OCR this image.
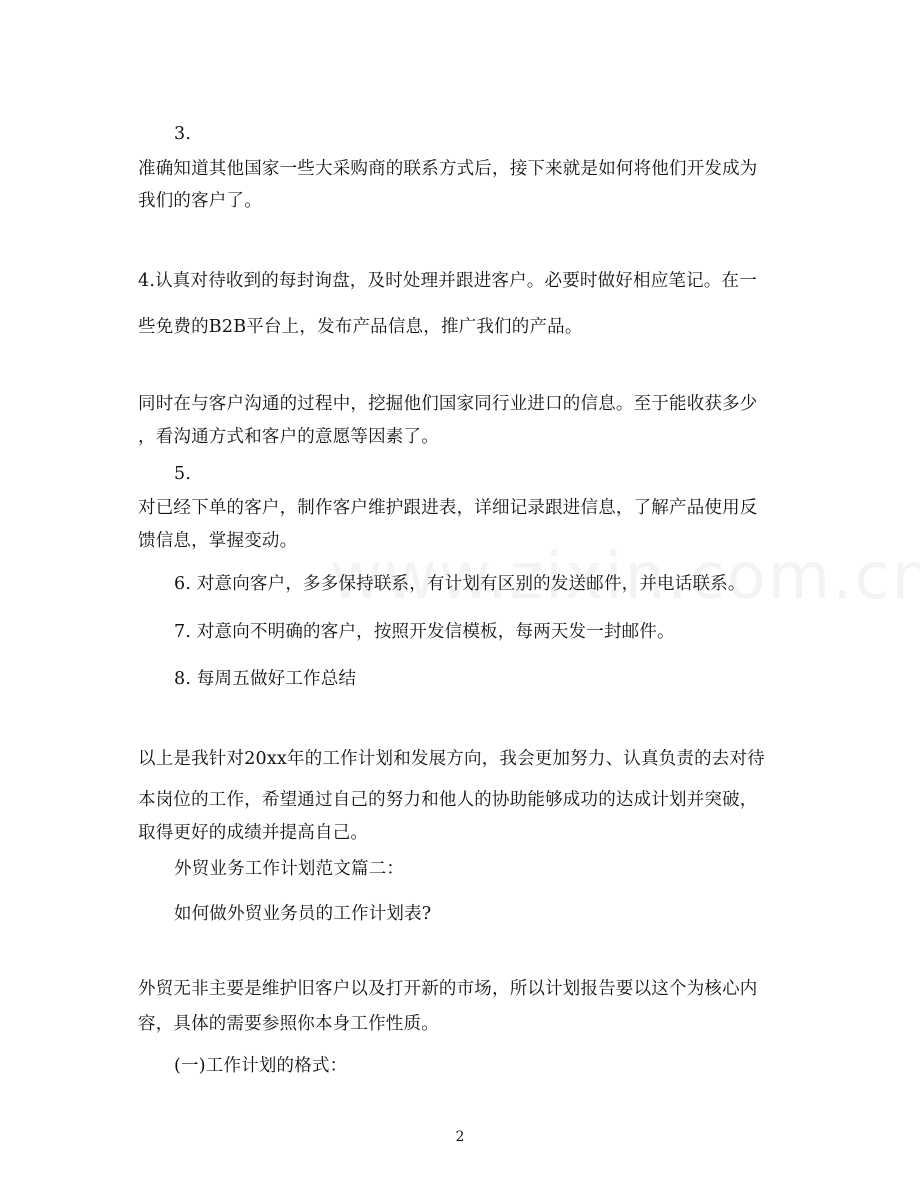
3.
准确知道其他国家一些大采购商的联系方式后，接下来就是如何将他们开发成为
我们的客户了。
4.认真对待收到的每封询盘，及时处理并跟进客户。必要时做好相应笔记。在一
些免费的B2B平台上，发布产品信息，推广我们的产品。
同时在与客户沟通的过程中，挖掘他们国家同行业进口的信息。至于能收获多少
，看沟通方式和客户的意愿等因素了。
5.
对已经下单的客户，制作客户维护跟进表，详细记录跟进信息，了解产品使用反
馈信息，掌握变动。
6. 对意向客户，多多保持联系，有计划有区别的发送邮件，并电话联系。
7. 对意向不明确的客户，按照开发信模板，每两天发一封邮件。
8. 每周五做好工作总结
以上是我针对20xx年的工作计划和发展方向，我会更加努力、认真负责的去对待
本岗位的工作，希望通过自己的努力和他人的协助能够成功的达成计划并突破，
取得更好的成绩并提高自己。
外贸业务工作计划范文篇二：
如何做外贸业务员的工作计划表?
外贸无非主要是维护旧客户以及打开新的市场，所以计划报告要以这个为核心内
容，具体的需要参照你本身工作性质。
(一)工作计划的格式：
2
